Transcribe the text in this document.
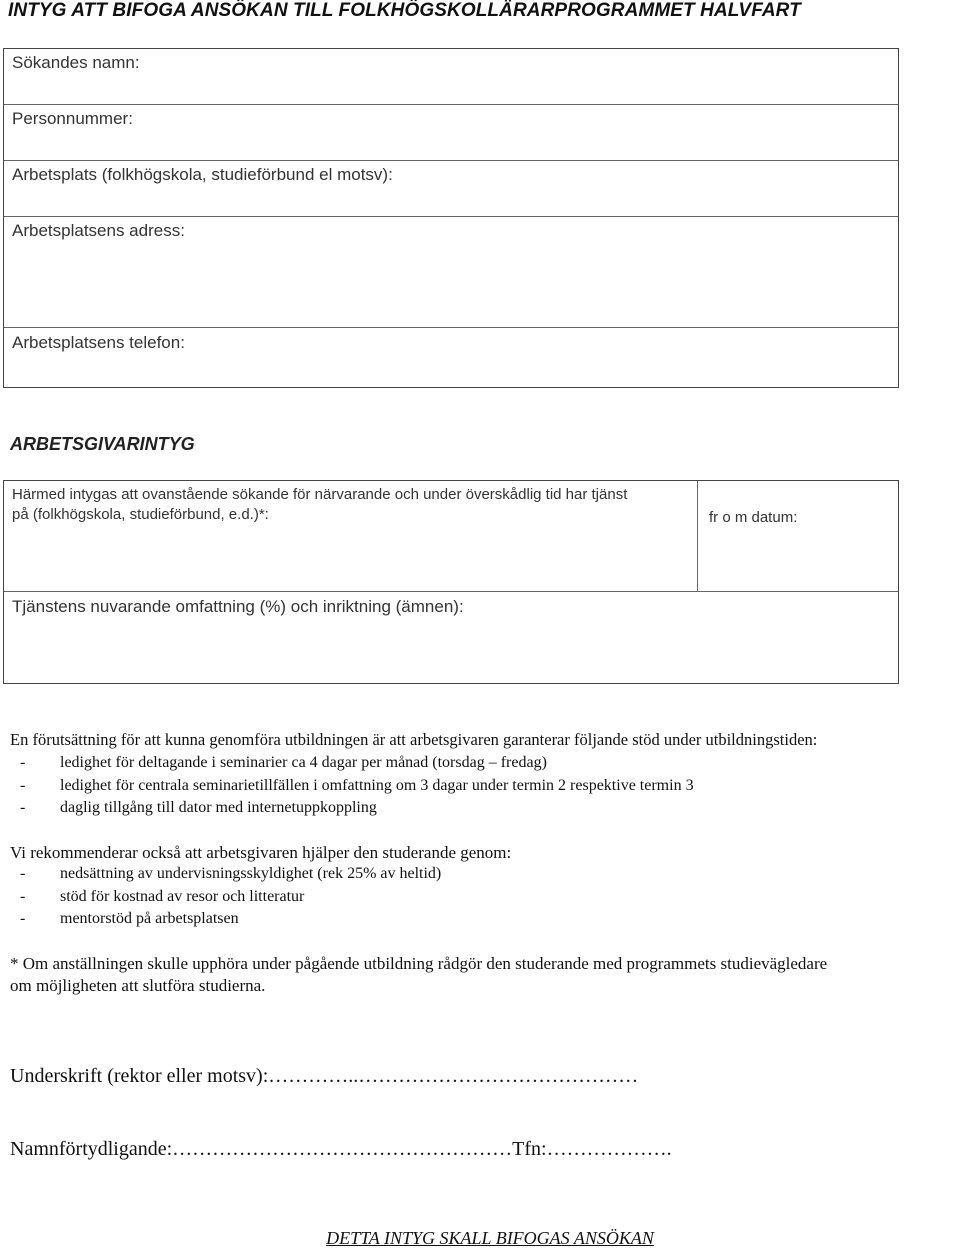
INTYG ATT BIFOGA ANSÖKAN TILL FOLKHÖGSKOLLÄRARPROGRAMMET HALVFART
Sökandes namn:
Personnummer:
Arbetsplats (folkhögskola, studieförbund el motsv):
Arbetsplatsens adress:
Arbetsplatsens telefon:
ARBETSGIVARINTYG
Härmed intygas att ovanstående sökande för närvarande och under överskådlig tid har tjänst
på (folkhögskola, studieförbund, e.d.)*:	fr o m datum:
Tjänstens nuvarande omfattning (%) och inriktning (ämnen):
En förutsättning för att kunna genomföra utbildningen är att arbetsgivaren garanterar följande stöd under utbildningstiden:
- ledighet för deltagande i seminarier ca 4 dagar per månad (torsdag – fredag)
- ledighet för centrala seminarietillfällen i omfattning om 3 dagar under termin 2 respektive termin 3
- daglig tillgång till dator med internetuppkoppling
Vi rekommenderar också att arbetsgivaren hjälper den studerande genom:
- nedsättning av undervisningsskyldighet (rek 25% av heltid)
- stöd för kostnad av resor och litteratur
- mentorstöd på arbetsplatsen
* Om anställningen skulle upphöra under pågående utbildning rådgör den studerande med programmets studievägledare
om möjligheten att slutföra studierna.
Underskrift (rektor eller motsv):…………..……………………………………
Namnförtydligande:……………………………………………Tfn:……………….
DETTA INTYG SKALL BIFOGAS ANSÖKAN
